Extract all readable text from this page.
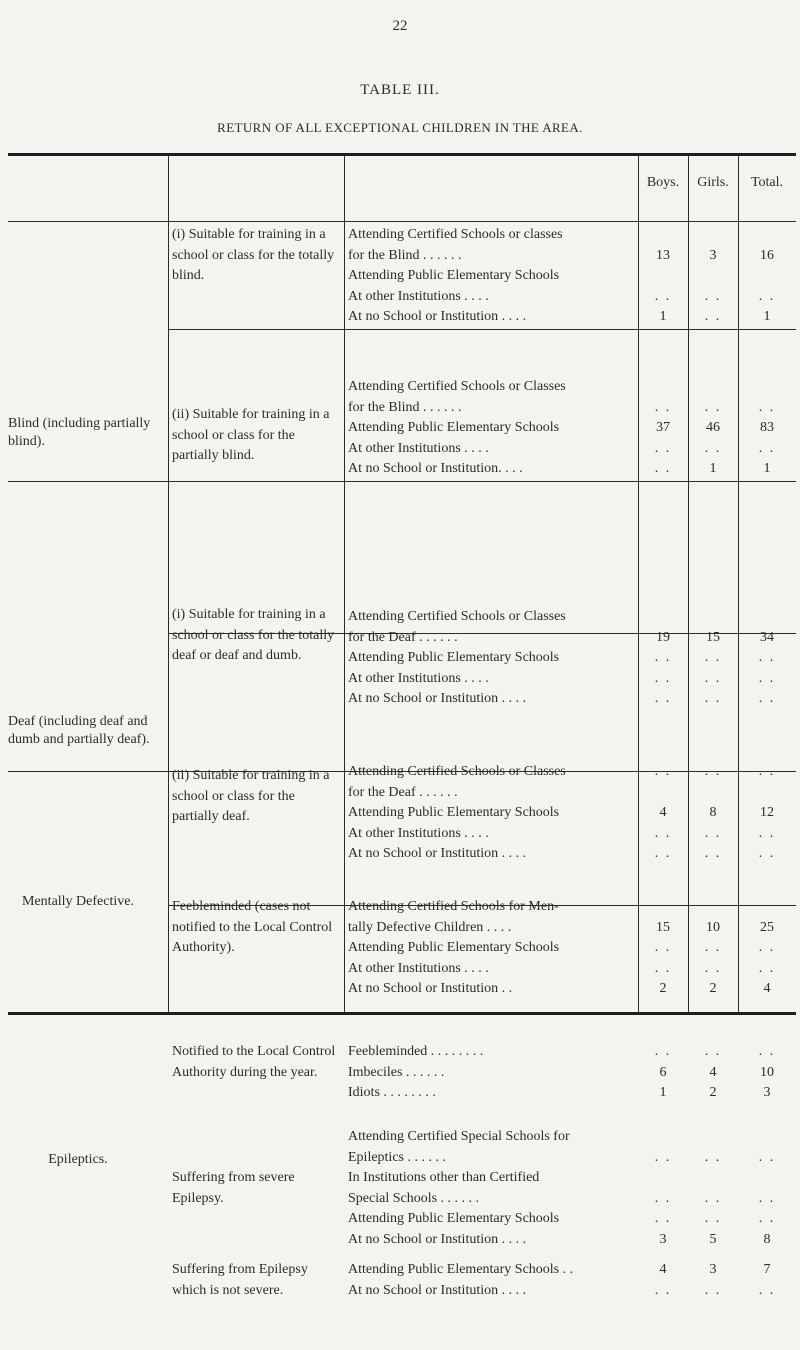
22
TABLE III.
RETURN OF ALL EXCEPTIONAL CHILDREN IN THE AREA.
Boys.	Girls.	Total.
Blind (including partially blind).
Deaf (including deaf and dumb and partially deaf).
Mentally Defective.
Epileptics.
(i) Suitable for training in a school or class for the totally blind.
Attending Certified Schools or classes
for the Blind . . . . . .
Attending Public Elementary Schools
At other Institutions . . . .
At no School or Institution . . . .
13
. .
1
3
. .
. .
16
. .
1
(ii) Suitable for training in a school or class for the partially blind.
Attending Certified Schools or Classes
for the Blind . . . . . .
Attending Public Elementary Schools
At other Institutions . . . .
At no School or Institution. . . .
. .
37
. .
. .
. .
46
. .
1
. .
83
. .
1
(i) Suitable for training in a school or class for the totally deaf or deaf and dumb.
Attending Certified Schools or Classes
for the Deaf . . . . . .
Attending Public Elementary Schools
At other Institutions . . . .
At no School or Institution . . . .
19
. .
. .
. .
15
. .
. .
. .
34
. .
. .
. .
(ii) Suitable for training in a school or class for the partially deaf.
Attending Certified Schools or Classes
for the Deaf . . . . . .
Attending Public Elementary Schools
At other Institutions . . . .
At no School or Institution . . . .
. .
4
. .
. .
. .
8
. .
. .
. .
12
. .
. .
Feebleminded (cases not notified to the Local Control Authority).
Attending Certified Schools for Men-
tally Defective Children . . . .
Attending Public Elementary Schools
At other Institutions . . . .
At no School or Institution . .
15
. .
. .
2
10
. .
. .
2
25
. .
. .
4
Notified to the Local Control Authority during the year.
Feebleminded . . . . . . . .
Imbeciles . . . . . .
Idiots . . . . . . . .
. .
6
1
. .
4
2
. .
10
3
Suffering from severe Epilepsy.
Attending Certified Special Schools for
Epileptics . . . . . .
In Institutions other than Certified
Special Schools . . . . . .
Attending Public Elementary Schools
At no School or Institution . . . .
. .
. .
. .
3
. .
. .
. .
5
. .
. .
. .
8
Suffering from Epilepsy which is not severe.
Attending Public Elementary Schools . .
At no School or Institution . . . .
4
. .
3
. .
7
. .
